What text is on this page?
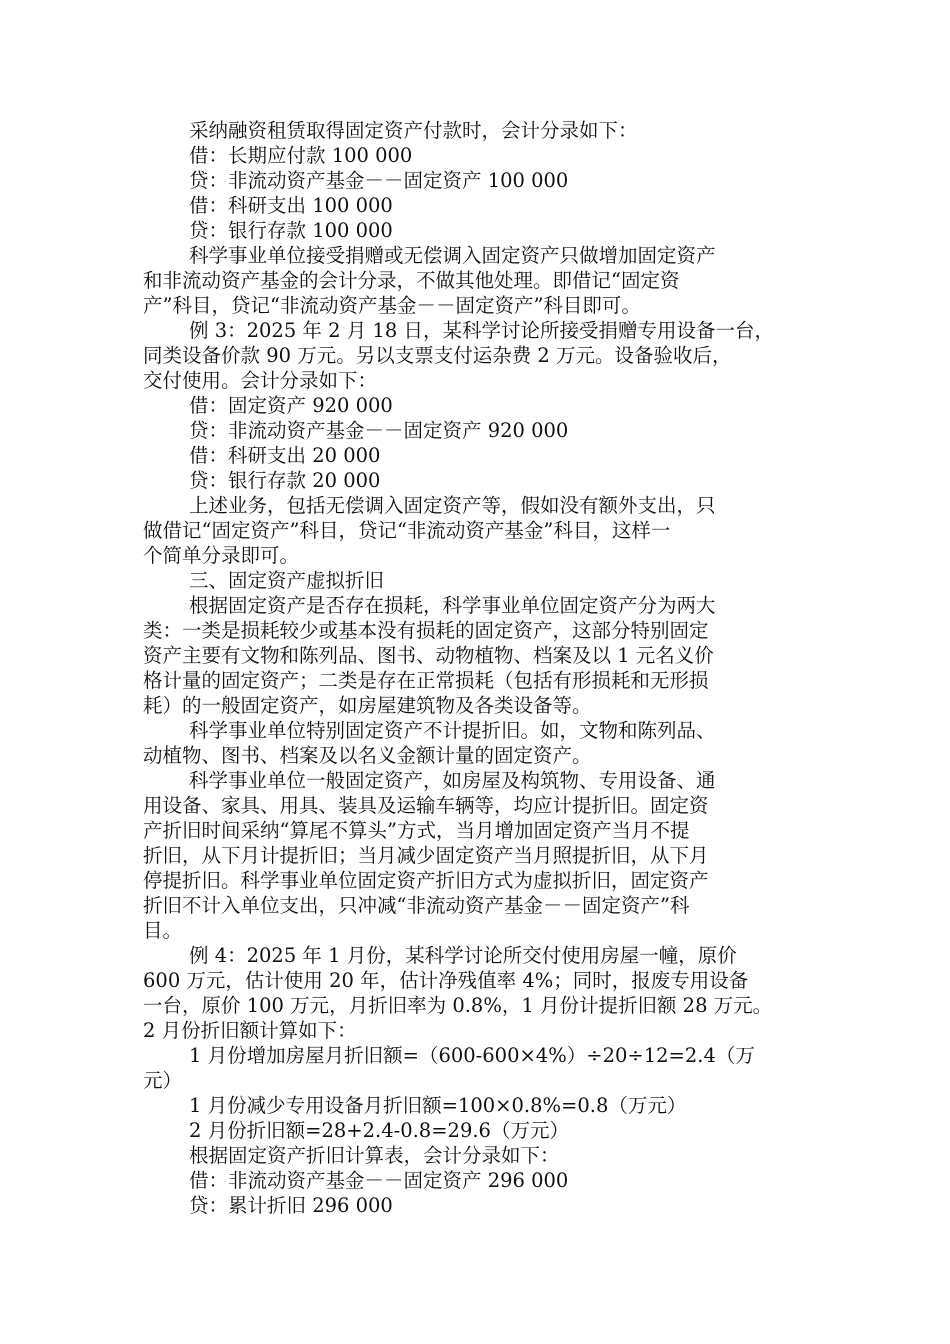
采纳融资租赁取得固定资产付款时，会计分录如下：
借：长期应付款 100 000
贷：非流动资产基金－－固定资产 100 000
借：科研支出 100 000
贷：银行存款 100 000
科学事业单位接受捐赠或无偿调入固定资产只做增加固定资产
和非流动资产基金的会计分录，不做其他处理。即借记“固定资
产”科目，贷记“非流动资产基金－－固定资产”科目即可。
例 3：2025 年 2 月 18 日，某科学讨论所接受捐赠专用设备一台，
同类设备价款 90 万元。另以支票支付运杂费 2 万元。设备验收后，
交付使用。会计分录如下：
借：固定资产 920 000
贷：非流动资产基金－－固定资产 920 000
借：科研支出 20 000
贷：银行存款 20 000
上述业务，包括无偿调入固定资产等，假如没有额外支出，只
做借记“固定资产”科目，贷记“非流动资产基金”科目，这样一
个简单分录即可。
三、固定资产虚拟折旧
根据固定资产是否存在损耗，科学事业单位固定资产分为两大
类：一类是损耗较少或基本没有损耗的固定资产，这部分特别固定
资产主要有文物和陈列品、图书、动物植物、档案及以 1 元名义价
格计量的固定资产；二类是存在正常损耗（包括有形损耗和无形损
耗）的一般固定资产，如房屋建筑物及各类设备等。
科学事业单位特别固定资产不计提折旧。如，文物和陈列品、
动植物、图书、档案及以名义金额计量的固定资产。
科学事业单位一般固定资产，如房屋及构筑物、专用设备、通
用设备、家具、用具、装具及运输车辆等，均应计提折旧。固定资
产折旧时间采纳“算尾不算头”方式，当月增加固定资产当月不提
折旧，从下月计提折旧；当月减少固定资产当月照提折旧，从下月
停提折旧。科学事业单位固定资产折旧方式为虚拟折旧，固定资产
折旧不计入单位支出，只冲减“非流动资产基金－－固定资产”科
目。
例 4：2025 年 1 月份，某科学讨论所交付使用房屋一幢，原价
600 万元，估计使用 20 年，估计净残值率 4%；同时，报废专用设备
一台，原价 100 万元，月折旧率为 0.8%，1 月份计提折旧额 28 万元。
2 月份折旧额计算如下：
1 月份增加房屋月折旧额=（600-600×4%）÷20÷12=2.4（万
元）
1 月份减少专用设备月折旧额=100×0.8%=0.8（万元）
2 月份折旧额=28+2.4-0.8=29.6（万元）
根据固定资产折旧计算表，会计分录如下：
借：非流动资产基金－－固定资产 296 000
贷：累计折旧 296 000
